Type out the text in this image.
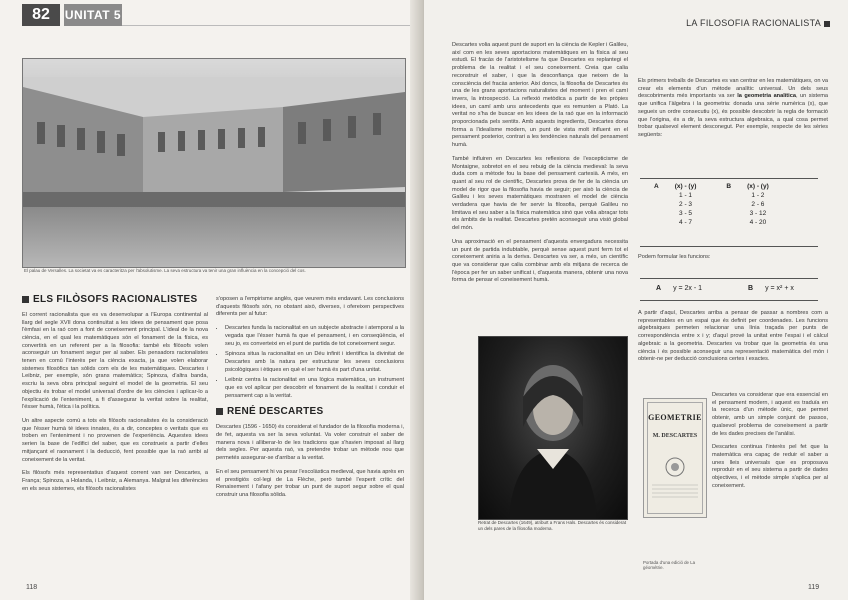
82	UNITAT 5
El palau de Versalles. La societat va es caracteritza per l'absolutisme. La seva estructura va tenir una gran influència en la concepció del cos.
ELS FILÒSOFS RACIONALISTES

El corrent racionalista que es va desenvolupar a l'Europa continental al llarg del segle XVII dona continuïtat a les idees de pensament que posa l'èmfasi en la raó com a font de coneixement principal. L'ideal de la nova ciència, en el qual les matemàtiques són el fonament de la física, es convertirà en un referent per a la filosofia: també els filòsofs volen aconseguir un fonament segur per al saber. Els pensadors racionalistes tenen en comú l'interès per la ciència exacta, ja que volen elaborar sistemes filosòfics tan sòlids com els de les matemàtiques. Descartes i Leibniz, per exemple, són grans matemàtics; Spinoza, d'altra banda, escriu la seva obra principal seguint el model de la geometria. El seu objectiu és trobar el model universal d'ordre de les ciències i aplicar-lo a l'explicació de l'enteniment, a fi d'assegurar la veritat sobre la realitat, l'ésser humà, l'ètica i la política.

Un altre aspecte comú a tots els filòsofs racionalistes és la consideració que l'ésser humà té idees innates, és a dir, conceptes o veritats que es troben en l'enteniment i no provenen de l'experiència. Aquestes idees serien la base de l'edifici del saber, que es construeix a partir d'elles mitjançant el raonament i la deducció, fent possible que la raó arribi al coneixement de la veritat.

Els filòsofs més representatius d'aquest corrent van ser Descartes, a França; Spinoza, a Holanda, i Leibniz, a Alemanya. Malgrat les diferències en els seus sistemes, els filòsofs racionalistes

s'oposen a l'empirisme anglès, que veurem més endavant. Les conclusions d'aquests filòsofs són, no obstant això, diverses, i ofereixen perspectives diferents per al futur:

• Descartes funda la racionalitat en un subjecte abstracte i atemporal a la vegada que l'ésser humà fa que el pensament, i en conseqüència, el seu jo, es converteixi en el punt de partida de tot coneixement segur.
• Spinoza situa la racionalitat en un Déu infinit i identifica la divinitat de Descartes amb la natura per estructurar les seves conclusions psicològiques i ètiques en què el ser humà és part d'una unitat.
• Leibniz centra la racionalitat en una lògica matemàtica, un instrument que es vol aplicar per descobrir el fonament de la realitat i conduir el pensament cap a la veritat.
RENÉ DESCARTES

Descartes (1596 - 1650) és considerat el fundador de la filosofia moderna i, de fet, aquesta va ser la seva voluntat. Va voler construir el saber de manera nova i alliberar-lo de les tradicions que s'havien imposat al llarg dels segles. Per aquesta raó, va pretendre trobar un mètode nou que permetés assegurar-se d'arribar a la veritat.

En el seu pensament hi va pesar l'escolàstica medieval, que havia après en el prestigiós col·legi de La Flèche, però també l'esperit crític del Renaixement i l'afany per trobar un punt de suport segur sobre el qual construir una filosofia sòlida.

118
LA FILOSOFIA RACIONALISTA

Descartes volia aquest punt de suport en la ciència de Kepler i Galileu, així com en les seves aportacions matemàtiques en la física al seu estudi. El fracàs de l'aristotelisme fa que Descartes es replantegi el problema de la realitat i el seu coneixement. Creia que calia reconstruir el saber, i que la desconfiança que neixen de la consciència del fracàs anterior. Així doncs, la filosofia de Descartes és una de les grans aportacions naturalistes del moment i pren el camí invers, la introspecció. La reflexió metòdica a partir de les pròpies idees, un camí amb uns antecedents que es remunten a Plató. La veritat no s'ha de buscar en les idees de la raó que en la informació proporcionada pels sentits. Amb aquests ingredients, Descartes dona forma a l'idealisme modern, un punt de vista molt influent en el pensament posterior, contrari a les tendències naturals del pensament humà.

També influiren en Descartes les reflexions de l'escepticisme de Montaigne, sobretot en el seu rebuig de la ciència medieval: la seva duda com a mètode fou la base del pensament cartesià. A més, en quant al seu rol de científic, Descartes prova de fer de la ciència un model de rigor que la filosofia havia de seguir; per això la ciència de Galileu i les seves matemàtiques mostraren el model de ciència verdadera que havia de fer servir la filosofia, perquè Galileu no limitava el seu saber a la física matemàtica sinó que volia abraçar tots els àmbits de la realitat. Descartes pretén aconseguir una visió global del món.

Una aproximació en el pensament d'aquesta envergadura necessita un punt de partida indubtable, perquè sense aquest punt ferm tot el coneixement aniria a la deriva. Descartes va ser, a més, un científic que va considerar que calia combinar amb els mitjans de recerca de l'època per fer un saber unificat i, d'aquesta manera, obtenir una nova forma de pensar el coneixement humà.

Retrat de Descartes (1649), atribuït a Frans Hals. Descartes és considerat un dels pares de la filosofia moderna.

Els primers treballs de Descartes es van centrar en les matemàtiques, on va crear els elements d'un mètode analític universal. Un dels seus descobriments més importants va ser la geometria analítica, un sistema que unifica l'àlgebra i la geometria: donada una sèrie numèrica (x), que segueix un ordre consecutiu (x), és possible descobrir la regla de formació que l'origina, és a dir, la seva estructura algebraica, a qual cosa permet trobar qualsevol element desconegut. Per exemple, respecte de les sèries següents:

A	(x) - (y)	B	(x) - (y)
	1 - 1		1 - 2
	2 - 3		2 - 6
	3 - 5		3 - 12
	4 - 7		4 - 20
Podem formular les funcions:
A y = 2x - 1	B y = x² + x

A partir d'aquí, Descartes arriba a pensar de passar a nombres com a representables en un espai que és definit per coordenades. Les funcions algebraiques permeten relacionar una línia traçada per punts de correspondència entre x i y; d'aquí prové la unitat entre l'espai i el càlcul algebraic a la geometria. Descartes va trobar que la geometria és una ciència i és possible aconseguir una representació matemàtica del món i obtenir-ne per deducció conclusions certes i exactes.

GEOMETRIE
M. DESCARTES
Portada d'una edició de La géométrie.

Descartes va considerar que era essencial en el pensament modern, i aquest es traduïa en la recerca d'un mètode únic, que permet obtenir, amb un simple conjunt de passos, qualsevol problema de coneixement a partir de les dades precises de l'anàlisi.

Descartes continua l'interès pel fet que la matemàtica era capaç de reduir el saber a unes lleis universals que es proposava reproduir en el seu sistema a partir de dades objectives, i el mètode simple s'aplica per al coneixement.

119
